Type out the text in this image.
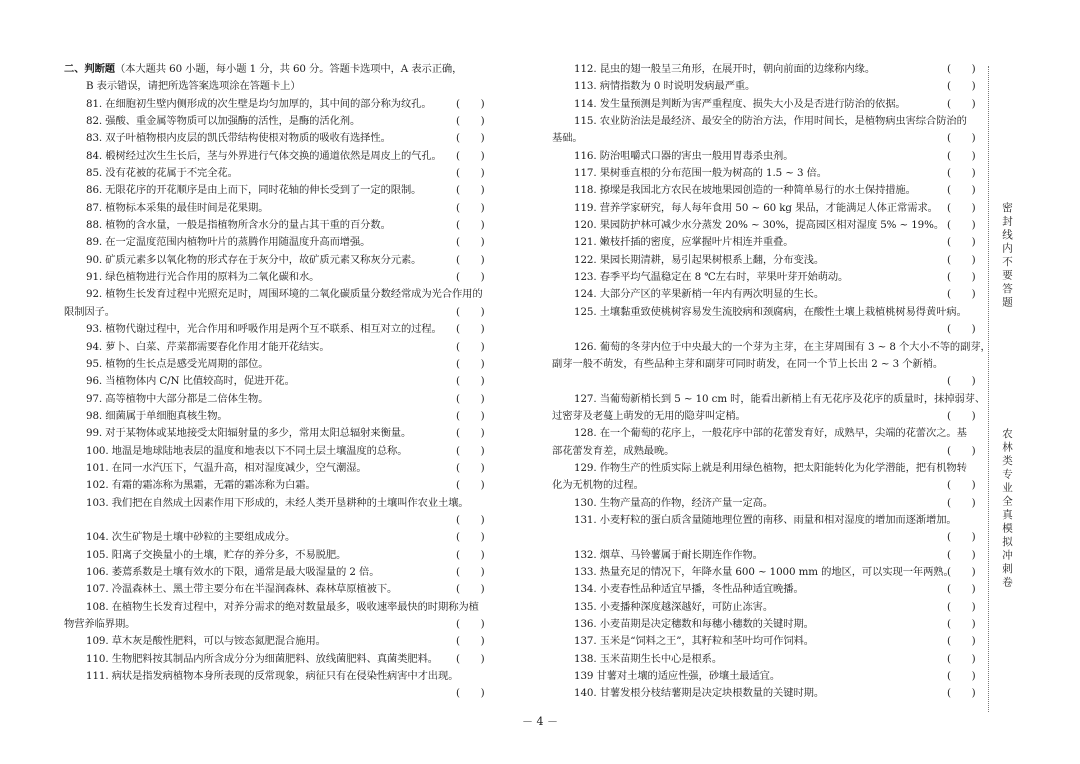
二、判断题（本大题共 60 小题，每小题 1 分，共 60 分。答题卡选项中，A 表示正确，
B 表示错误，请把所选答案选项涂在答题卡上）
81. 在细胞初生壁内侧形成的次生壁是均匀加厚的，其中间的部分称为纹孔。 (　　)
82. 强酸、重金属等物质可以加强酶的活性，是酶的活化剂。	(　　)
83. 双子叶植物根内皮层的凯氏带结构使根对物质的吸收有选择性。	(　　)
84. 椴树经过次生生长后，茎与外界进行气体交换的通道依然是周皮上的气孔。 (　　)
85. 没有花被的花属于不完全花。	(　　)
86. 无限花序的开花顺序是由上而下，同时花轴的伸长受到了一定的限制。	(　　)
87. 植物标本采集的最佳时间是花果期。	(　　)
88. 植物的含水量，一般是指植物所含水分的量占其干重的百分数。	(　　)
89. 在一定温度范围内植物叶片的蒸腾作用随温度升高而增强。	(　　)
90. 矿质元素多以氧化物的形式存在于灰分中，故矿质元素又称灰分元素。	(　　)
91. 绿色植物进行光合作用的原料为二氧化碳和水。	(　　)
92. 植物生长发育过程中光照充足时，周围环境的二氧化碳质量分数经常成为光合作用的
限制因子。	(　　)
93. 植物代谢过程中，光合作用和呼吸作用是两个互不联系、相互对立的过程。 (　　)
94. 萝卜、白菜、芹菜都需要春化作用才能开花结实。	(　　)
95. 植物的生长点是感受光周期的部位。	(　　)
96. 当植物体内 C/N 比值较高时，促进开花。	(　　)
97. 高等植物中大部分都是二倍体生物。	(　　)
98. 细菌属于单细胞真核生物。	(　　)
99. 对于某物体或某地接受太阳辐射量的多少，常用太阳总辐射来衡量。	(　　)
100. 地温是地球陆地表层的温度和地表以下不同土层土壤温度的总称。	(　　)
101. 在同一水汽压下，气温升高，相对湿度减少，空气潮湿。	(　　)
102. 有霜的霜冻称为黑霜，无霜的霜冻称为白霜。	(　　)
103. 我们把在自然成土因素作用下形成的，未经人类开垦耕种的土壤叫作农业土壤。
(　　)
104. 次生矿物是土壤中砂粒的主要组成成分。	(　　)
105. 阳离子交换量小的土壤，贮存的养分多，不易脱肥。	(　　)
106. 萎蔫系数是土壤有效水的下限，通常是最大吸湿量的 2 倍。	(　　)
107. 冷温森林土、黑土带主要分布在半湿润森林、森林草原植被下。	(　　)
108. 在植物生长发育过程中，对养分需求的绝对数量最多，吸收速率最快的时期称为植
物营养临界期。	(　　)
109. 草木灰是酸性肥料，可以与铵态氮肥混合施用。	(　　)
110. 生物肥料按其制品内所含成分分为细菌肥料、放线菌肥料、真菌类肥料。 (　　)
111. 病状是指发病植物本身所表现的反常现象，病征只有在侵染性病害中才出现。
(　　)
112. 昆虫的翅一般呈三角形，在展开时，朝向前面的边缘称内缘。	(　　)
113. 病情指数为 0 时说明发病最严重。	(　　)
114. 发生量预测是判断为害严重程度、损失大小及是否进行防治的依据。	(　　)
115. 农业防治法是最经济、最安全的防治方法，作用时间长，是植物病虫害综合防治的
基础。	(　　)
116. 防治咀嚼式口器的害虫一般用胃毒杀虫剂。	(　　)
117. 果树垂直根的分布范围一般为树高的 1.5 ~ 3 倍。	(　　)
118. 撩墚是我国北方农民在坡地果园创造的一种简单易行的水土保持措施。	(　　)
119. 营养学家研究，每人每年食用 50 ~ 60 kg 果品，才能满足人体正常需求。 (　　)
120. 果园防护林可减少水分蒸发 20% ~ 30%，提高园区相对湿度 5% ~ 19%。 (　　)
121. 嫩枝扦插的密度，应掌握叶片相连并重叠。	(　　)
122. 果园长期清耕，易引起果树根系上翻，分布变浅。	(　　)
123. 春季平均气温稳定在 8 ℃左右时，苹果叶芽开始萌动。	(　　)
124. 大部分产区的苹果新梢一年内有两次明显的生长。	(　　)
125. 土壤黏重致使桃树容易发生流胶病和颈腐病，在酸性土壤上栽植桃树易得黄叶病。
(　　)
126. 葡萄的冬芽内位于中央最大的一个芽为主芽，在主芽周围有 3 ~ 8 个大小不等的副芽，
副芽一般不萌发，有些品种主芽和副芽可同时萌发，在同一个节上长出 2 ~ 3 个新梢。
(　　)
127. 当葡萄新梢长到 5 ~ 10 cm 时，能看出新梢上有无花序及花序的质量时，抹掉弱芽、
过密芽及老蔓上萌发的无用的隐芽叫定梢。	(　　)
128. 在一个葡萄的花序上，一般花序中部的花蕾发育好，成熟早，尖端的花蕾次之。基
部花蕾发育差，成熟最晚。	(　　)
129. 作物生产的性质实际上就是利用绿色植物，把太阳能转化为化学潜能，把有机物转
化为无机物的过程。	(　　)
130. 生物产量高的作物，经济产量一定高。	(　　)
131. 小麦籽粒的蛋白质含量随地理位置的南移、雨量和相对湿度的增加而逐渐增加。
(　　)
132. 烟草、马铃薯属于耐长期连作作物。	(　　)
133. 热量充足的情况下，年降水量 600 ~ 1000 mm 的地区，可以实现一年两熟。
(　　)
134. 小麦春性品种适宜早播，冬性品种适宜晚播。	(　　)
135. 小麦播种深度越深越好，可防止冻害。	(　　)
136. 小麦苗期是决定穗数和每穗小穗数的关键时期。	(　　)
137. 玉米是“饲料之王”，其籽粒和茎叶均可作饲料。	(　　)
138. 玉米苗期生长中心是根系。	(　　)
139 甘薯对土壤的适应性强，砂壤土最适宜。	(　　)
140. 甘薯发根分枝结薯期是决定块根数量的关键时期。	(　　)
密封线内不要答题
农林类专业全真模拟冲刺卷
－ 4 －
